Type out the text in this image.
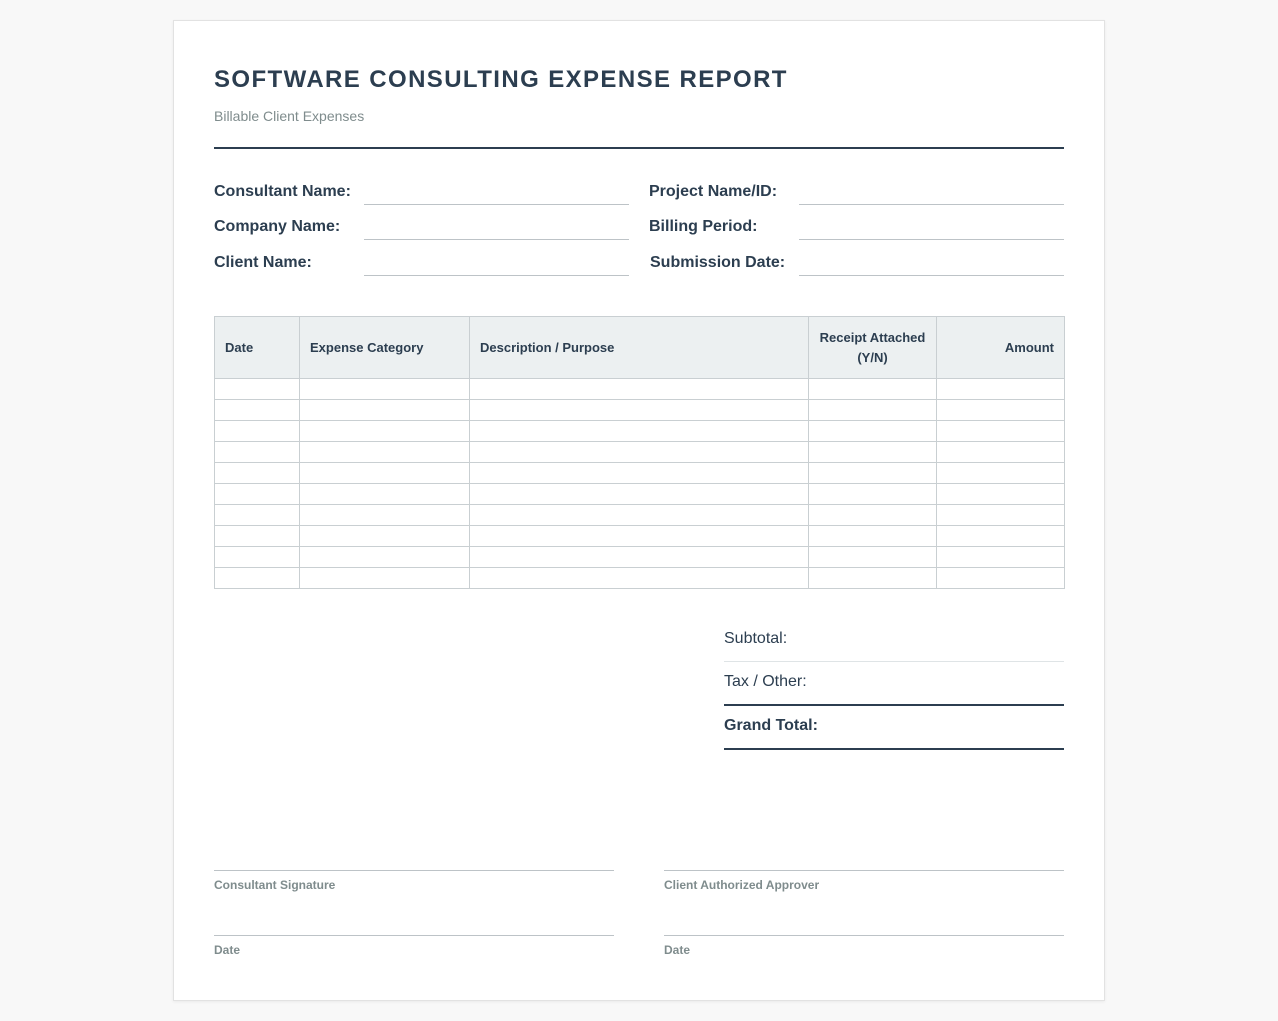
SOFTWARE CONSULTING EXPENSE REPORT
Billable Client Expenses
Consultant Name:
Company Name:
Client Name:
Project Name/ID:
Billing Period:
Submission Date:
Date	Expense Category	Description / Purpose	Receipt Attached (Y/N)	Amount

Subtotal:
Tax / Other:
Grand Total:
Consultant Signature	Client Authorized Approver
Date	Date
